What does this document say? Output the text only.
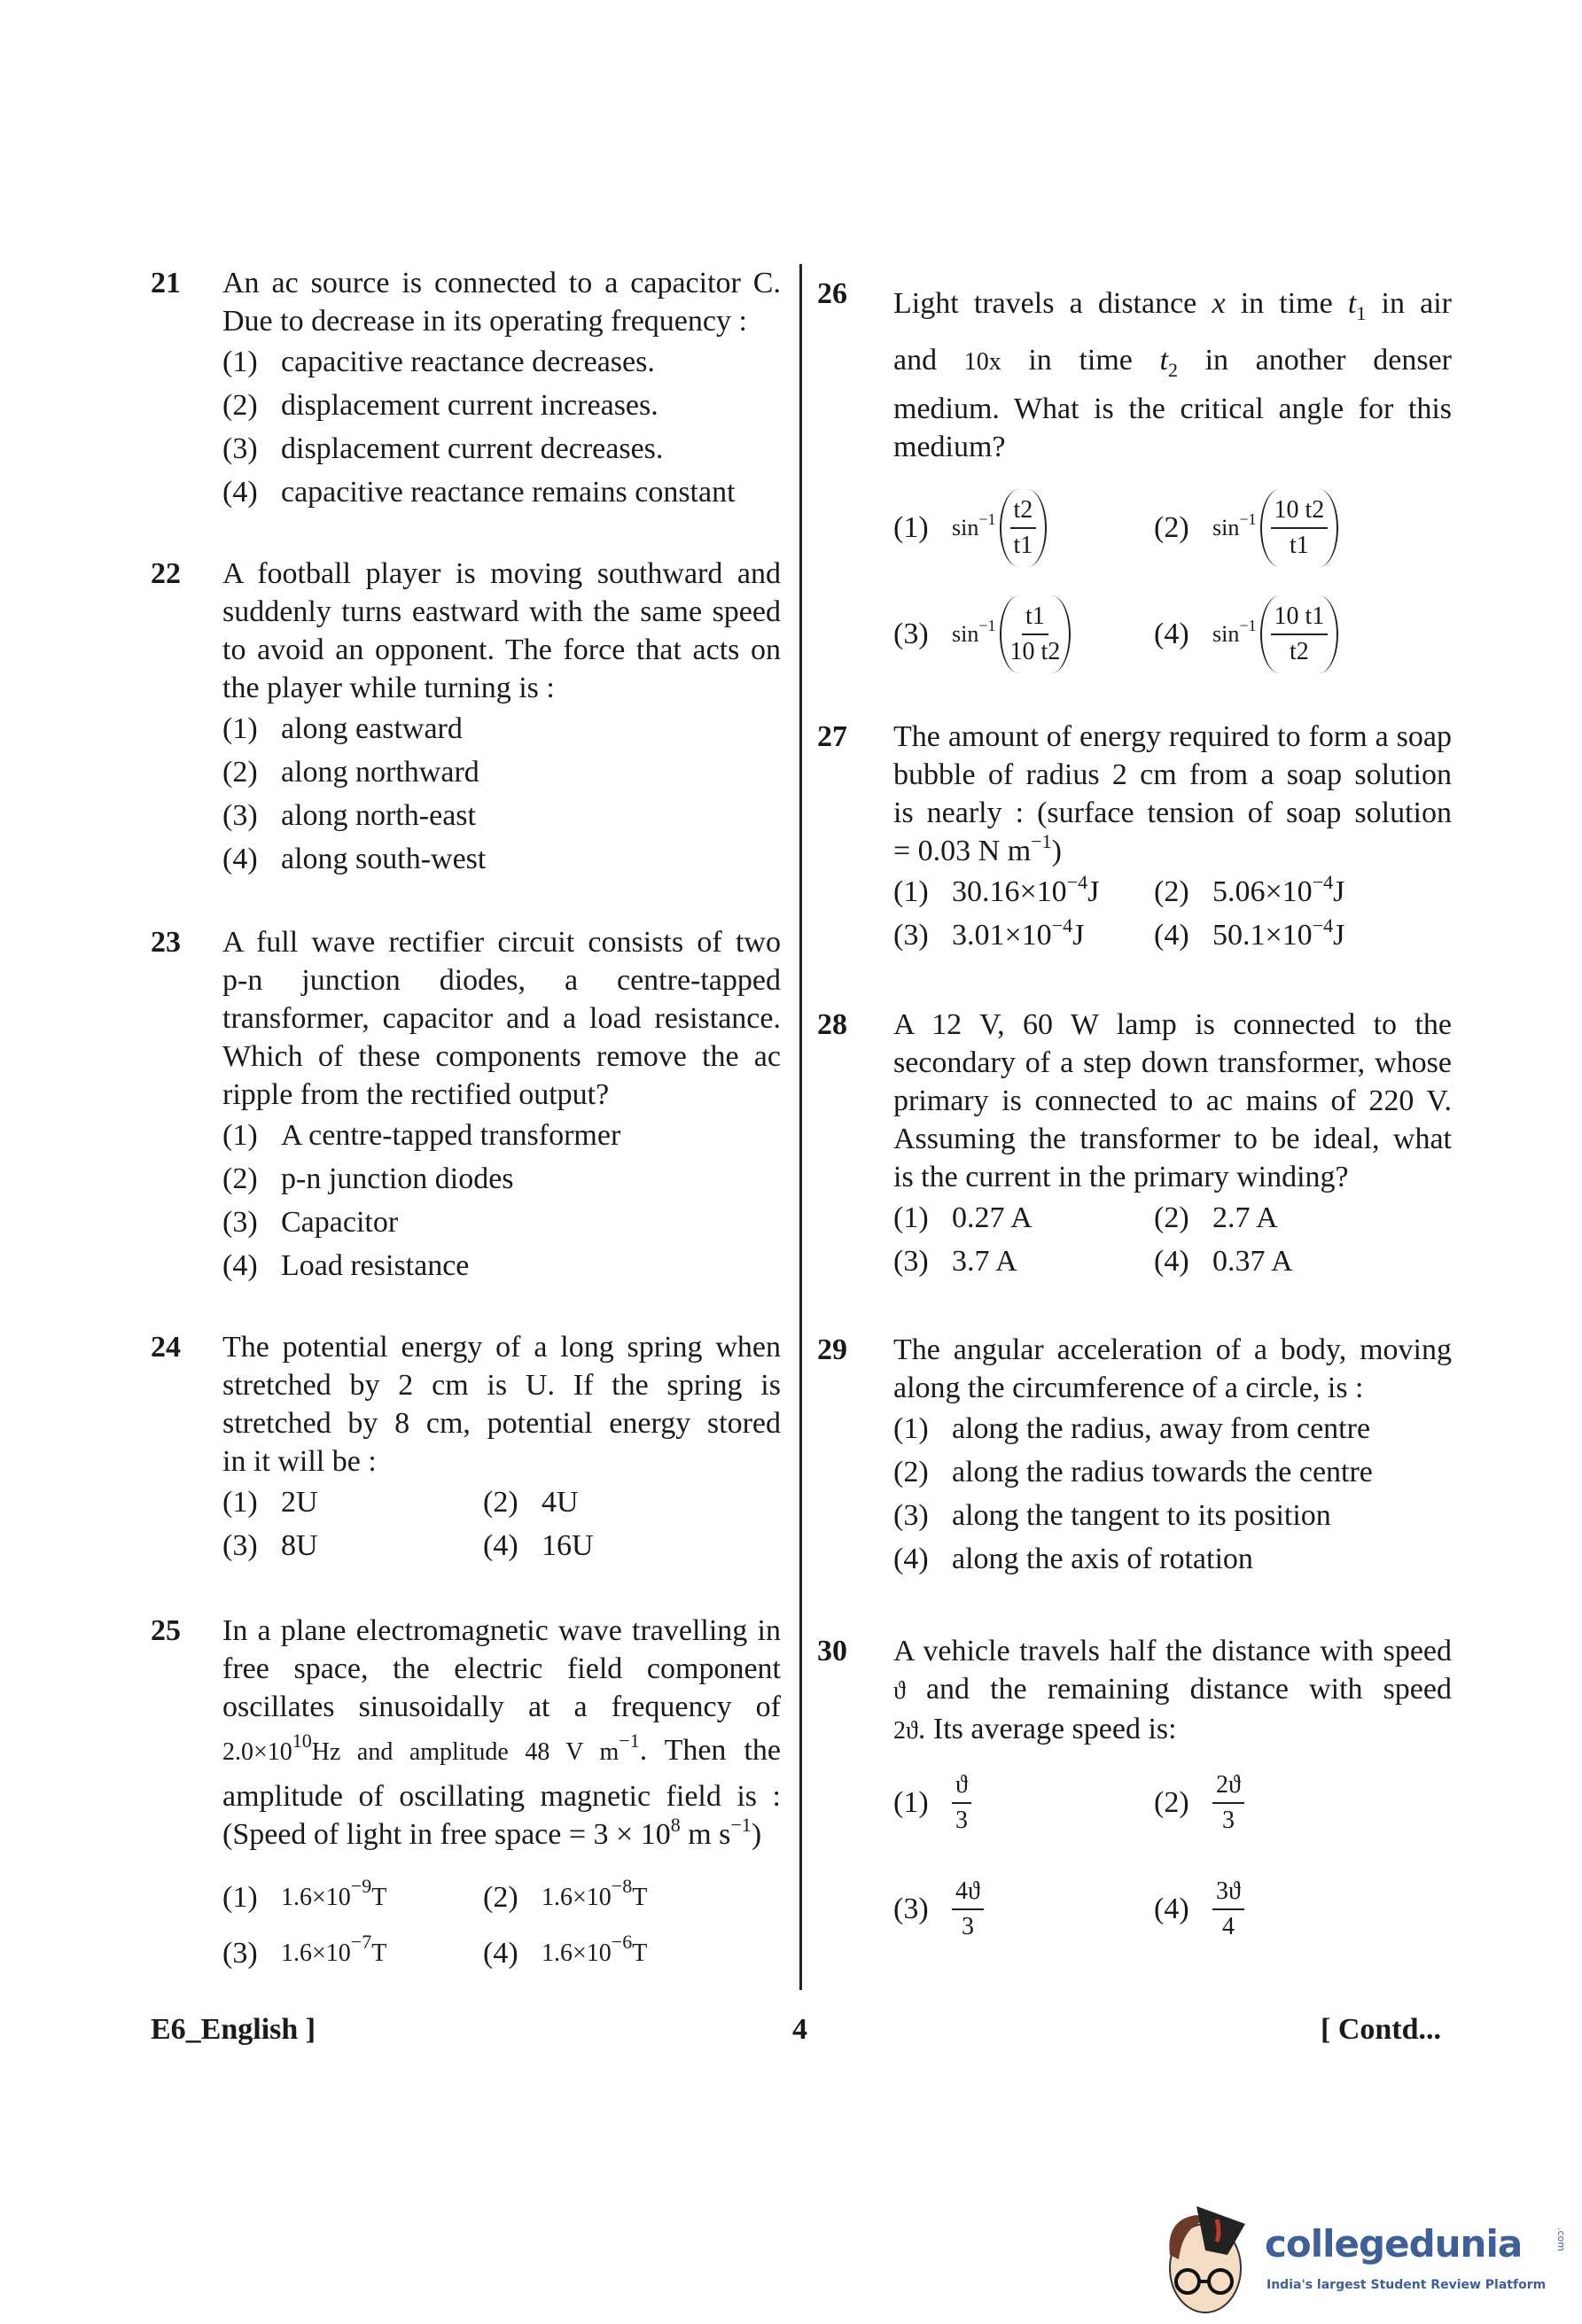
21 An ac source is connected to a capacitor C.
Due to decrease in its operating frequency :
(1) capacitive reactance decreases.
(2) displacement current increases.
(3) displacement current decreases.
(4) capacitive reactance remains constant
22 A football player is moving southward and
suddenly turns eastward with the same speed
to avoid an opponent. The force that acts on
the player while turning is :
(1) along eastward
(2) along northward
(3) along north-east
(4) along south-west
23 A full wave rectifier circuit consists of two
p-n junction diodes, a centre-tapped
transformer, capacitor and a load resistance.
Which of these components remove the ac
ripple from the rectified output?
(1) A centre-tapped transformer
(2) p-n junction diodes
(3) Capacitor
(4) Load resistance
24 The potential energy of a long spring when
stretched by 2 cm is U. If the spring is
stretched by 8 cm, potential energy stored
in it will be :
(1) 2U	(2) 4U
(3) 8U	(4) 16U
25 In a plane electromagnetic wave travelling in
free space, the electric field component
oscillates sinusoidally at a frequency of
$2.0\times 10^{10}Hz$ and amplitude 48 V $m^{-1}$. Then the
amplitude of oscillating magnetic field is :
(Speed of light in free space = $3 \times 10^8$ m $s^{-1}$)
(1) $1.6\times 10^{-9}T$	(2) $1.6\times 10^{-8}T$
(3) $1.6\times 10^{-7}T$	(4) $1.6\times 10^{-6}T$
26 Light travels a distance x in time $t_1$ in air
and 10x in time $t_2$ in another denser
medium. What is the critical angle for this
medium?
(1)	$\sin^{-1} \frac{t2}{t1}$	(2)	$\sin^{-1} \frac{10 t2}{t1}$
(3)	$\sin^{-1} \frac{t1}{10 t2}$	(4)	$\sin^{-1} \frac{10 t1}{t2}$
27 The amount of energy required to form a soap
bubble of radius 2 cm from a soap solution
is nearly : (surface tension of soap solution
= 0.03 N $m^{-1}$)
(1) $30.16\times 10^{-4}J$ (2) $5.06\times 10^{-4}J$
(3) $3.01\times 10^{-4}J$ (4) $50.1\times 10^{-4}J$
28 A 12 V, 60 W lamp is connected to the
secondary of a step down transformer, whose
primary is connected to ac mains of 220 V.
Assuming the transformer to be ideal, what
is the current in the primary winding?
(1) 0.27 A	(2) 2.7 A
(3) 3.7 A	(4) 0.37 A
29 The angular acceleration of a body, moving
along the circumference of a circle, is :
(1) along the radius, away from centre
(2) along the radius towards the centre
(3) along the tangent to its position
(4) along the axis of rotation
30 A vehicle travels half the distance with speed
ϑ and the remaining distance with speed
2ϑ. Its average speed is:
$(1) \frac{ϑ}{3}$	$(2) \frac{2ϑ}{3}$
$(3) \frac{4ϑ}{3}$	$(4) \frac{3ϑ}{4}$
E6_English ]	4	[ Contd...
collegedunia	.com
India's largest Student Review Platform
